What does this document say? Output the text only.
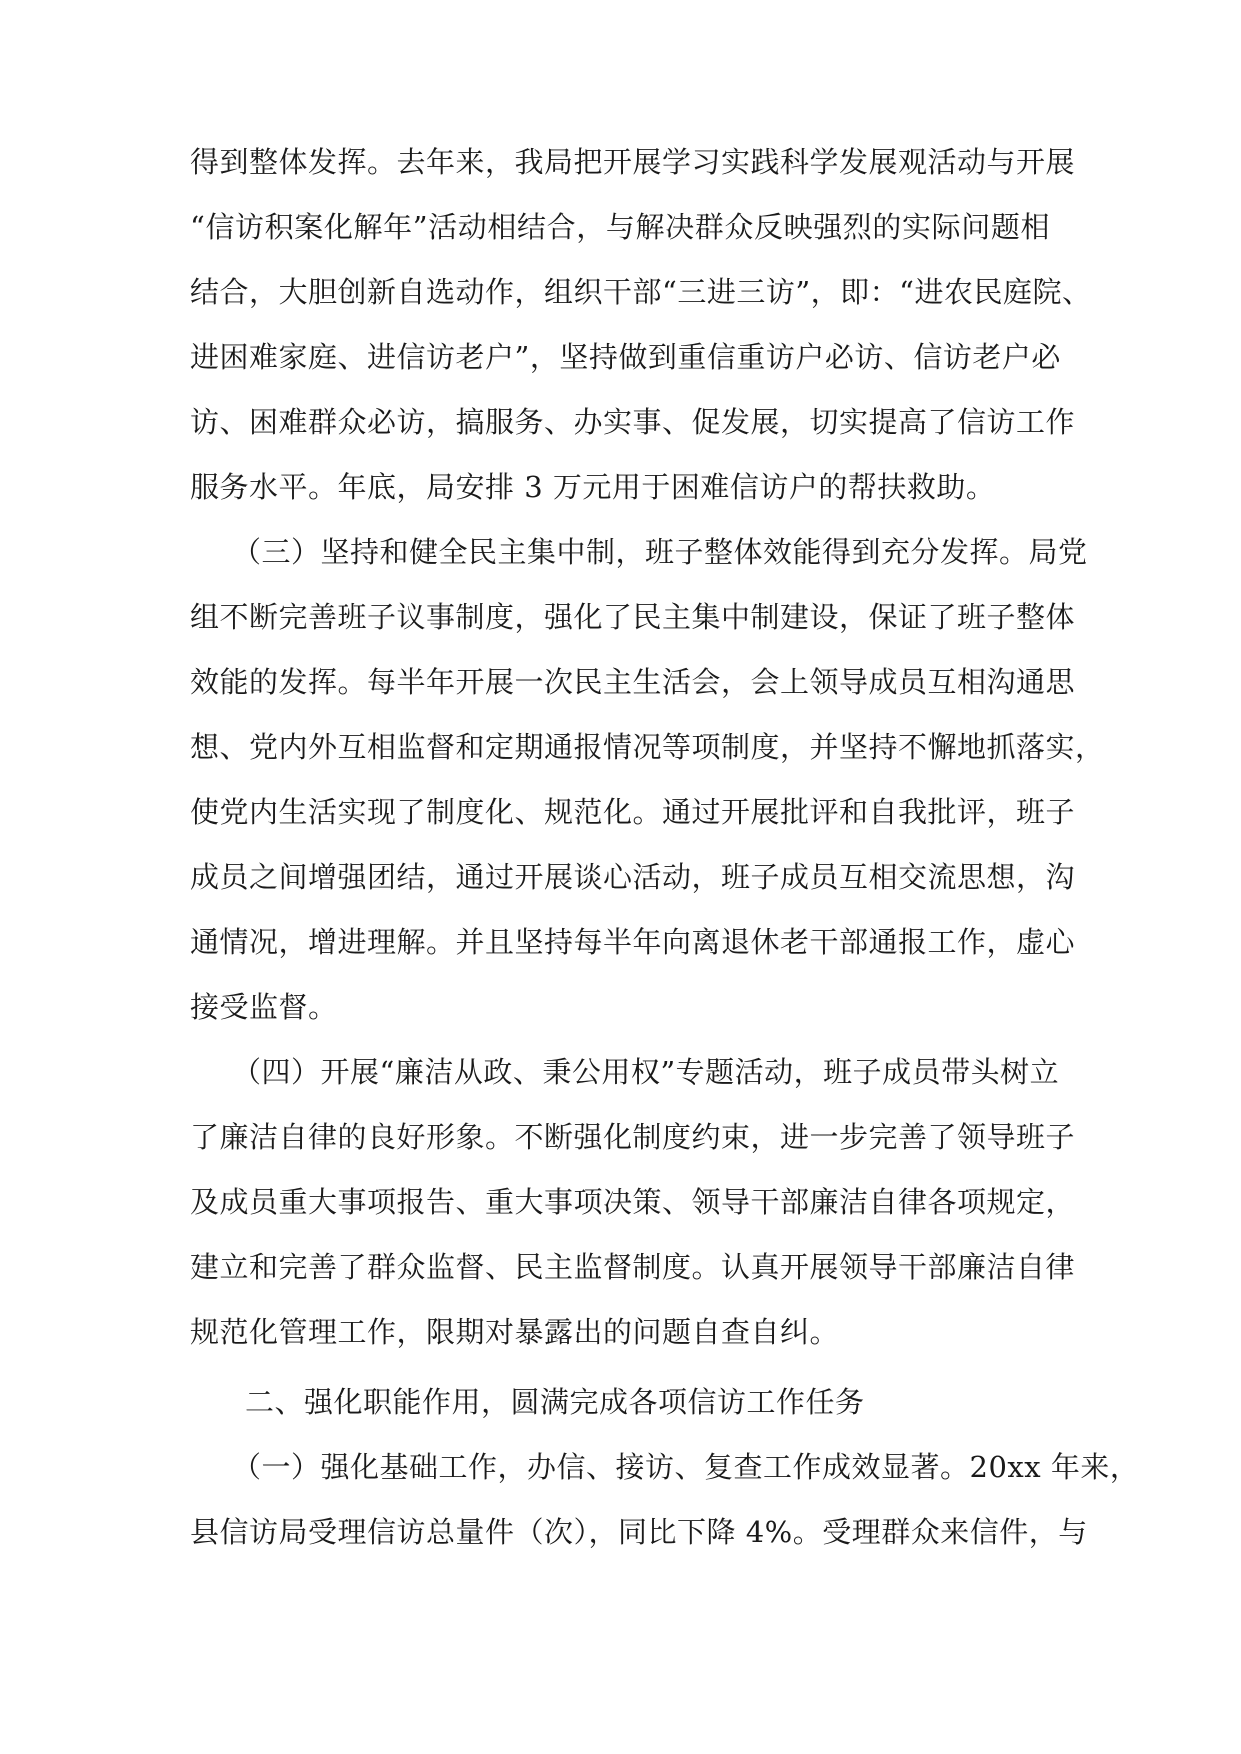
得到整体发挥。去年来，我局把开展学习实践科学发展观活动与开展
“信访积案化解年”活动相结合，与解决群众反映强烈的实际问题相
结合，大胆创新自选动作，组织干部“三进三访”，即：“进农民庭院、
进困难家庭、进信访老户”，坚持做到重信重访户必访、信访老户必
访、困难群众必访，搞服务、办实事、促发展，切实提高了信访工作
服务水平。年底，局安排 3 万元用于困难信访户的帮扶救助。
（三）坚持和健全民主集中制，班子整体效能得到充分发挥。局党
组不断完善班子议事制度，强化了民主集中制建设，保证了班子整体
效能的发挥。每半年开展一次民主生活会，会上领导成员互相沟通思
想、党内外互相监督和定期通报情况等项制度，并坚持不懈地抓落实，
使党内生活实现了制度化、规范化。通过开展批评和自我批评，班子
成员之间增强团结，通过开展谈心活动，班子成员互相交流思想，沟
通情况，增进理解。并且坚持每半年向离退休老干部通报工作，虚心
接受监督。
（四）开展“廉洁从政、秉公用权”专题活动，班子成员带头树立
了廉洁自律的良好形象。不断强化制度约束，进一步完善了领导班子
及成员重大事项报告、重大事项决策、领导干部廉洁自律各项规定，
建立和完善了群众监督、民主监督制度。认真开展领导干部廉洁自律
规范化管理工作，限期对暴露出的问题自查自纠。
二、强化职能作用，圆满完成各项信访工作任务
（一）强化基础工作，办信、接访、复查工作成效显著。20xx 年来，
县信访局受理信访总量件（次），同比下降 4%。受理群众来信件，与
